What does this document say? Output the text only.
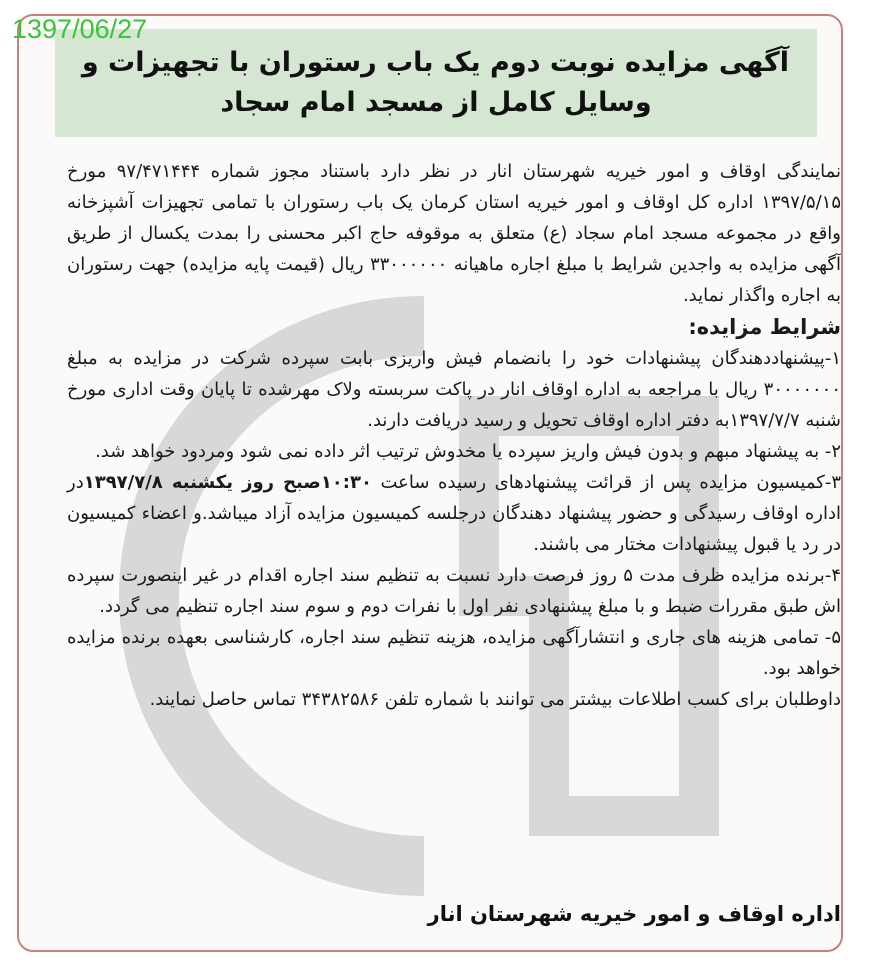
1397/06/27
آگهی مزایده نوبت دوم یک باب رستوران با تجهیزات و
وسایل کامل از مسجد امام سجاد

نمایندگی اوقاف و امور خیریه شهرستان انار در نظر دارد باستناد مجوز شماره ۹۷/۴۷۱۴۴۴ مورخ ۱۳۹۷/۵/۱۵ اداره کل اوقاف و امور خیریه استان کرمان یک باب رستوران با تمامی تجهیزات آشپزخانه واقع در مجموعه مسجد امام سجاد (ع) متعلق به موقوفه حاج اکبر محسنی را بمدت یکسال از طریق آگهی مزایده به واجدین شرایط با مبلغ اجاره ماهیانه ۳۳۰۰۰۰۰۰ ریال (قیمت پایه مزایده) جهت رستوران به اجاره واگذار نماید.

شرایط مزایده:

۱-پیشنهاددهندگان پیشنهادات خود را بانضمام فیش واریزی بابت سپرده شرکت در مزایده به مبلغ ۳۰۰۰۰۰۰۰ ریال با مراجعه به اداره اوقاف انار در پاکت سربسته ولاک مهرشده تا پایان وقت اداری مورخ شنبه ۱۳۹۷/۷/۷به دفتر اداره اوقاف تحویل و رسید دریافت دارند.

۲- به پیشنهاد مبهم و بدون فیش واریز سپرده یا مخدوش ترتیب اثر داده نمی شود ومردود خواهد شد.

۳-کمیسیون مزایده پس از قرائت پیشنهادهای رسیده ساعت ۱۰:۳۰صبح روز یکشنبه ۱۳۹۷/۷/۸در اداره اوقاف رسیدگی و حضور پیشنهاد دهندگان درجلسه کمیسیون مزایده آزاد میباشد.و اعضاء کمیسیون در رد یا قبول پیشنهادات مختار می باشند.

۴-برنده مزایده ظرف مدت ۵ روز فرصت دارد نسبت به تنظیم سند اجاره اقدام در غیر اینصورت سپرده اش طبق مقررات ضبط و با مبلغ پیشنهادی نفر اول با نفرات دوم و سوم سند اجاره تنظیم می گردد.

۵- تمامی هزینه های جاری و انتشارآگهی مزایده، هزینه تنظیم سند اجاره، کارشناسی بعهده برنده مزایده خواهد بود.

داوطلبان برای کسب اطلاعات بیشتر می توانند با شماره تلفن ۳۴۳۸۲۵۸۶ تماس حاصل نمایند.

اداره اوقاف و امور خیریه شهرستان انار
